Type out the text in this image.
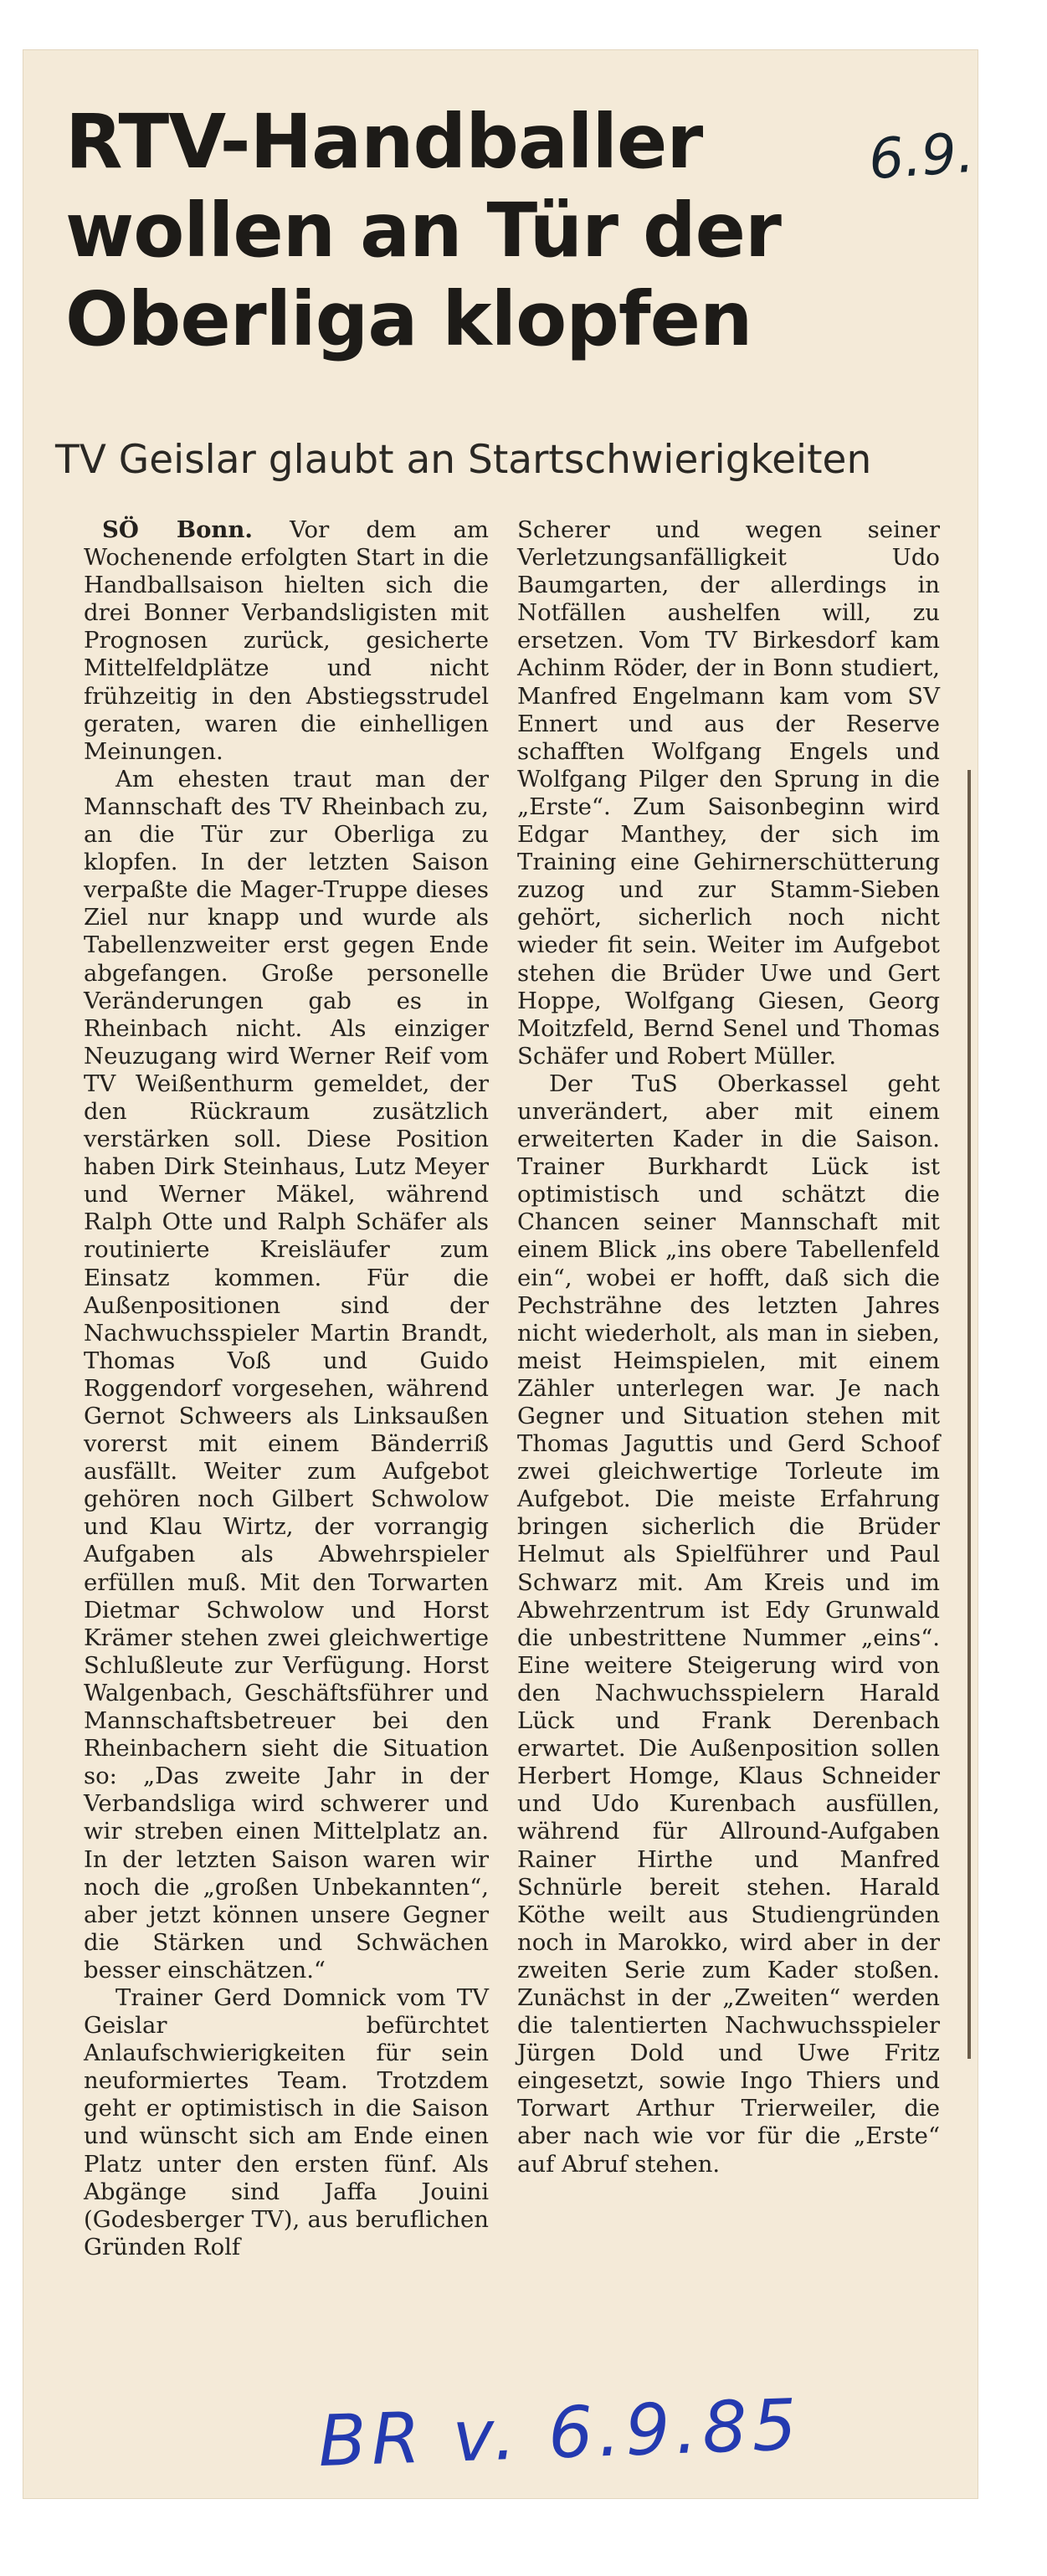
6.9.
RTV-Handballer
wollen an Tür der
Oberliga klopfen
TV Geislar glaubt an Startschwierigkeiten

SÖ Bonn. Vor dem am Wochenende erfolgten Start in die Handballsaison hielten sich die drei Bonner Verbandsligisten mit Prognosen zurück, gesicherte Mittelfeldplätze und nicht frühzeitig in den Abstiegsstrudel geraten, waren die einhelligen Meinungen.

Am ehesten traut man der Mannschaft des TV Rheinbach zu, an die Tür zur Oberliga zu klopfen. In der letzten Saison verpaßte die Mager-Truppe dieses Ziel nur knapp und wurde als Tabellenzweiter erst gegen Ende abgefangen. Große personelle Veränderungen gab es in Rheinbach nicht. Als einziger Neuzugang wird Werner Reif vom TV Weißenthurm gemeldet, der den Rückraum zusätzlich verstärken soll. Diese Position haben Dirk Steinhaus, Lutz Meyer und Werner Mäkel, während Ralph Otte und Ralph Schäfer als routinierte Kreisläufer zum Einsatz kommen. Für die Außenpositionen sind der Nachwuchsspieler Martin Brandt, Thomas Voß und Guido Roggendorf vorgesehen, während Gernot Schweers als Linksaußen vorerst mit einem Bänderriß ausfällt. Weiter zum Aufgebot gehören noch Gilbert Schwolow und Klau Wirtz, der vorrangig Aufgaben als Abwehrspieler erfüllen muß. Mit den Torwarten Dietmar Schwolow und Horst Krämer stehen zwei gleichwertige Schlußleute zur Verfügung. Horst Walgenbach, Geschäftsführer und Mannschaftsbetreuer bei den Rheinbachern sieht die Situation so: „Das zweite Jahr in der Verbandsliga wird schwerer und wir streben einen Mittelplatz an. In der letzten Saison waren wir noch die „großen Unbekannten“, aber jetzt können unsere Gegner die Stärken und Schwächen besser einschätzen.“

Trainer Gerd Domnick vom TV Geislar befürchtet Anlaufschwierigkeiten für sein neuformiertes Team. Trotzdem geht er optimistisch in die Saison und wünscht sich am Ende einen Platz unter den ersten fünf. Als Abgänge sind Jaffa Jouini (Godesberger TV), aus beruflichen Gründen Rolf

Scherer und wegen seiner Verletzungsanfälligkeit Udo Baumgarten, der allerdings in Notfällen aushelfen will, zu ersetzen. Vom TV Birkesdorf kam Achinm Röder, der in Bonn studiert, Manfred Engelmann kam vom SV Ennert und aus der Reserve schafften Wolfgang Engels und Wolfgang Pilger den Sprung in die „Erste“. Zum Saisonbeginn wird Edgar Manthey, der sich im Training eine Gehirnerschütterung zuzog und zur Stamm-Sieben gehört, sicherlich noch nicht wieder fit sein. Weiter im Aufgebot stehen die Brüder Uwe und Gert Hoppe, Wolfgang Giesen, Georg Moitzfeld, Bernd Senel und Thomas Schäfer und Robert Müller.

Der TuS Oberkassel geht unverändert, aber mit einem erweiterten Kader in die Saison. Trainer Burkhardt Lück ist optimistisch und schätzt die Chancen seiner Mannschaft mit einem Blick „ins obere Tabellenfeld ein“, wobei er hofft, daß sich die Pechsträhne des letzten Jahres nicht wiederholt, als man in sieben, meist Heimspielen, mit einem Zähler unterlegen war. Je nach Gegner und Situation stehen mit Thomas Jaguttis und Gerd Schoof zwei gleichwertige Torleute im Aufgebot. Die meiste Erfahrung bringen sicherlich die Brüder Helmut als Spielführer und Paul Schwarz mit. Am Kreis und im Abwehrzentrum ist Edy Grunwald die unbestrittene Nummer „eins“. Eine weitere Steigerung wird von den Nachwuchsspielern Harald Lück und Frank Derenbach erwartet. Die Außenposition sollen Herbert Homge, Klaus Schneider und Udo Kurenbach ausfüllen, während für Allround-Aufgaben Rainer Hirthe und Manfred Schnürle bereit stehen. Harald Köthe weilt aus Studiengründen noch in Marokko, wird aber in der zweiten Serie zum Kader stoßen. Zunächst in der „Zweiten“ werden die talentierten Nachwuchsspieler Jürgen Dold und Uwe Fritz eingesetzt, sowie Ingo Thiers und Torwart Arthur Trierweiler, die aber nach wie vor für die „Erste“ auf Abruf stehen.

BR v. 6.9.85
